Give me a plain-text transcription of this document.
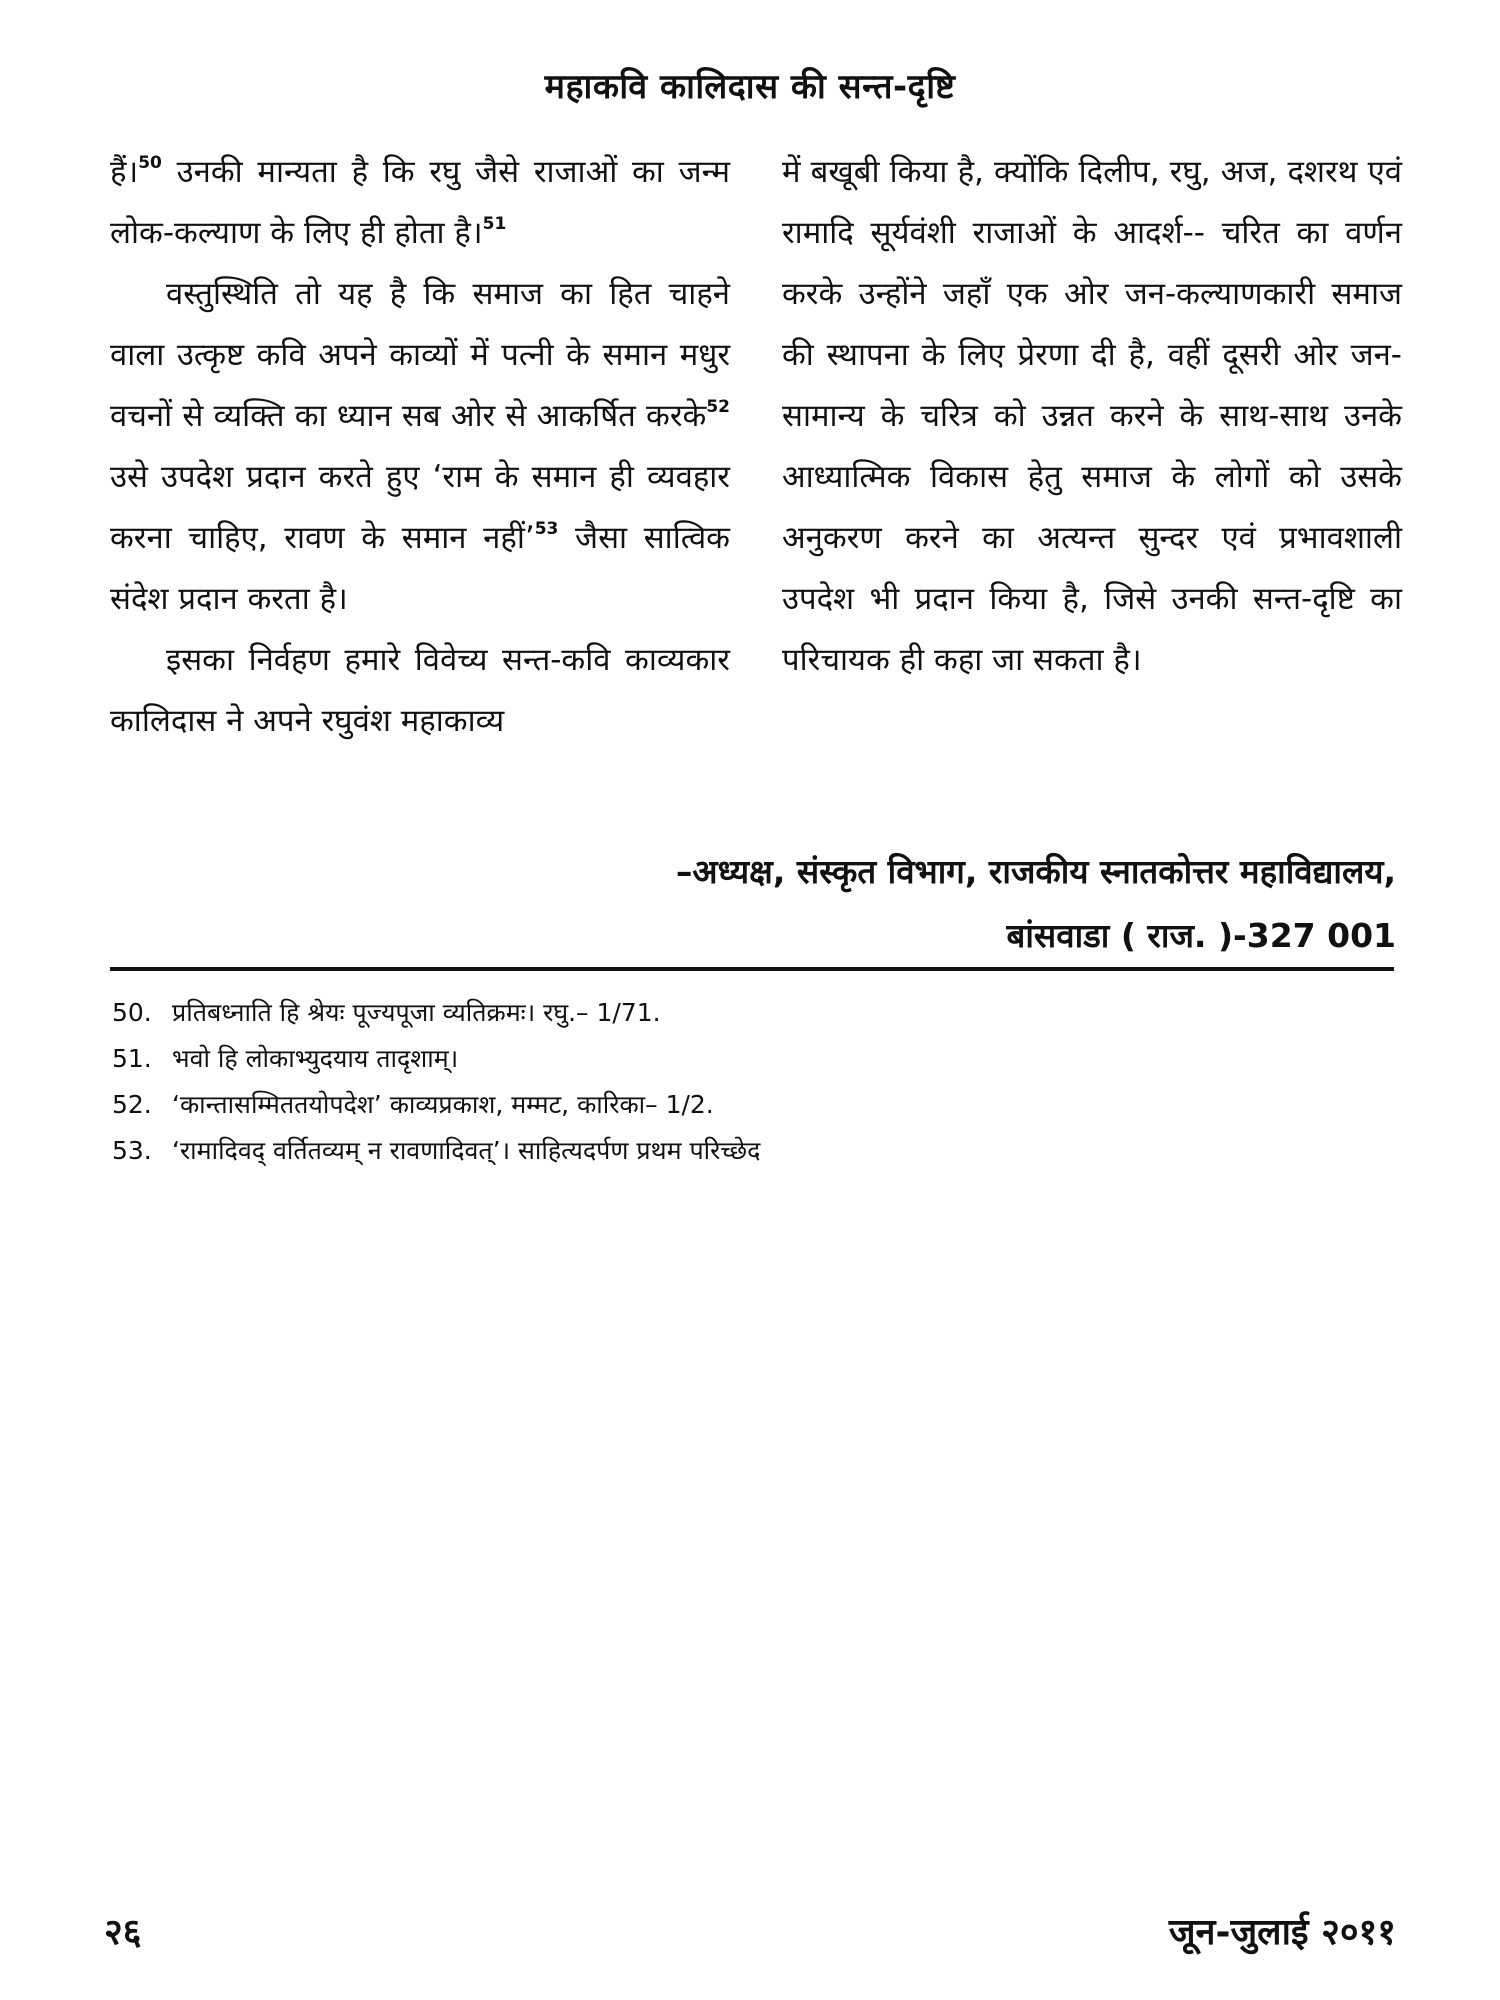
महाकवि कालिदास की सन्त-दृष्टि

हैं।$^{50}$ उनकी मान्यता है कि रघु जैसे राजाओं का जन्म लोक-कल्याण के लिए ही होता है।$^{51}$

वस्तुस्थिति तो यह है कि समाज का हित चाहने वाला उत्कृष्ट कवि अपने काव्यों में पत्नी के समान मधुर वचनों से व्यक्ति का ध्यान सब ओर से आकर्षित करके$^{52}$ उसे उपदेश प्रदान करते हुए ‘राम के समान ही व्यवहार करना चाहिए, रावण के समान नहीं’$^{53}$ जैसा सात्विक संदेश प्रदान करता है।

इसका निर्वहण हमारे विवेच्य सन्त-कवि काव्यकार कालिदास ने अपने रघुवंश महाकाव्य

में बखूबी किया है, क्योंकि दिलीप, रघु, अज, दशरथ एवं रामादि सूर्यवंशी राजाओं के आदर्श-- चरित का वर्णन करके उन्होंने जहाँ एक ओर जन-कल्याणकारी समाज की स्थापना के लिए प्रेरणा दी है, वहीं दूसरी ओर जन-सामान्य के चरित्र को उन्नत करने के साथ-साथ उनके आध्यात्मिक विकास हेतु समाज के लोगों को उसके अनुकरण करने का अत्यन्त सुन्दर एवं प्रभावशाली उपदेश भी प्रदान किया है, जिसे उनकी सन्त-दृष्टि का परिचायक ही कहा जा सकता है।

–अध्यक्ष, संस्कृत विभाग, राजकीय स्नातकोत्तर महाविद्यालय,
बांसवाडा ( राज. )-327 001
50. प्रतिबध्नाति हि श्रेयः पूज्यपूजा व्यतिक्रमः। रघु.– 1/71.
51. भवो हि लोकाभ्युदयाय तादृशाम्।
52. ‘कान्तासम्मिततयोपदेश’ काव्यप्रकाश, मम्मट, कारिका– 1/2.
53. ‘रामादिवद् वर्तितव्यम् न रावणादिवत्’। साहित्यदर्पण प्रथम परिच्छेद
२६	जून-जुलाई २०११
